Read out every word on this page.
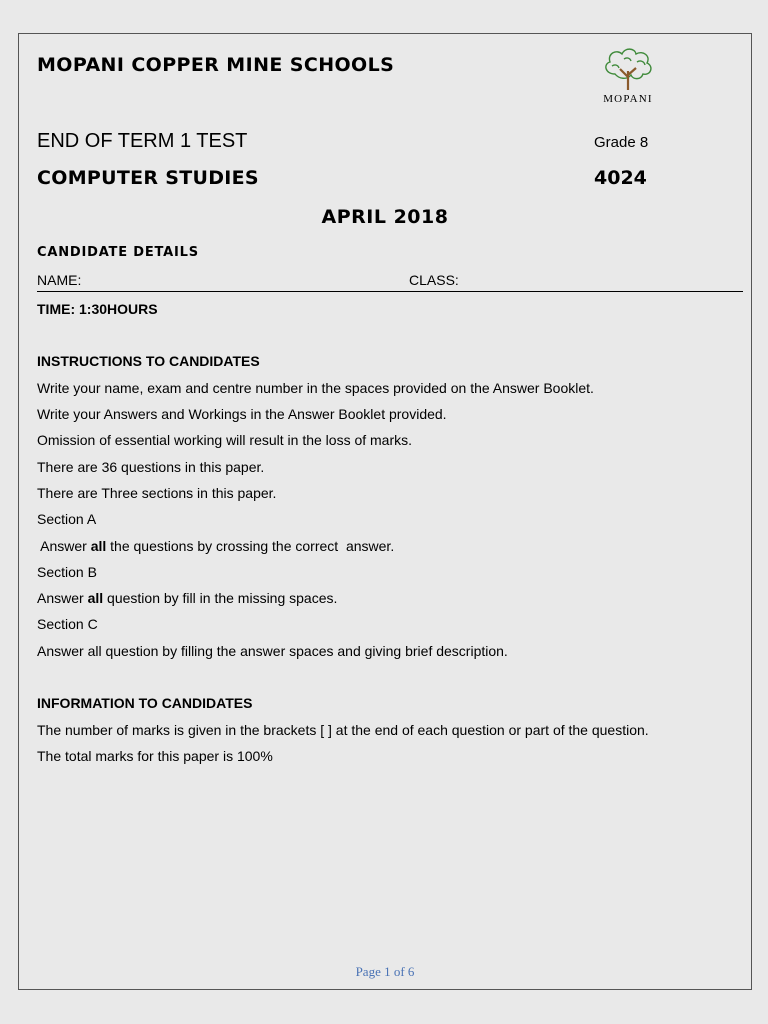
MOPANI COPPER MINE SCHOOLS
MOPANI
END OF TERM 1 TEST	Grade 8
COMPUTER STUDIES	4024
APRIL 2018
CANDIDATE DETAILS
NAME:	CLASS:
TIME: 1:30HOURS
INSTRUCTIONS TO CANDIDATES
Write your name, exam and centre number in the spaces provided on the Answer Booklet.
Write your Answers and Workings in the Answer Booklet provided.
Omission of essential working will result in the loss of marks.
There are 36 questions in this paper.
There are Three sections in this paper.
Section A
Answer all the questions by crossing the correct  answer.
Section B
Answer all question by fill in the missing spaces.
Section C
Answer all question by filling the answer spaces and giving brief description.
INFORMATION TO CANDIDATES
The number of marks is given in the brackets [ ] at the end of each question or part of the question.
The total marks for this paper is 100%
Page 1 of 6
